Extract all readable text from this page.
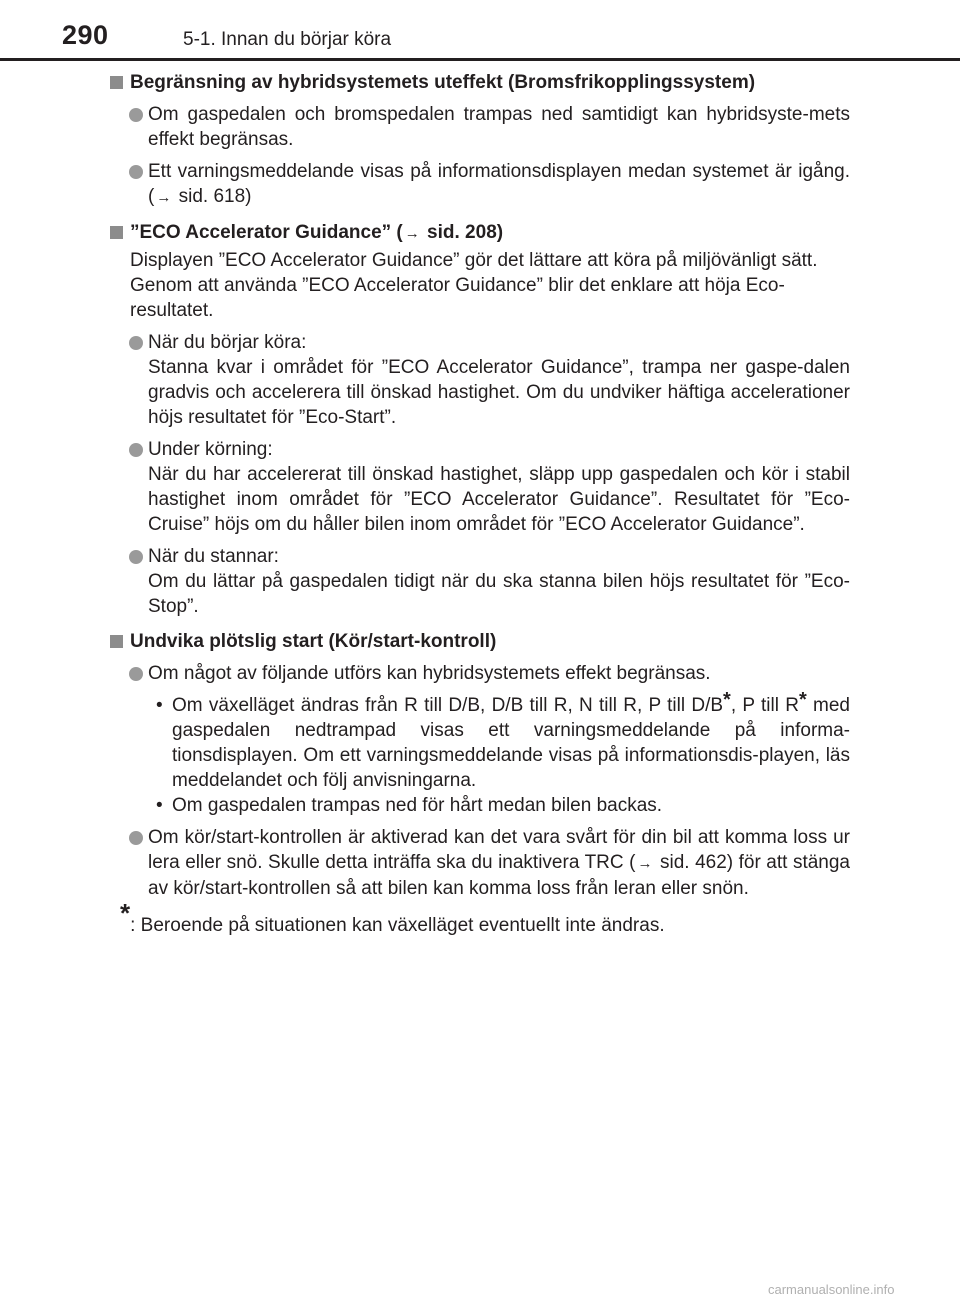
290	5-1. Innan du börjar köra
Begränsning av hybridsystemets uteffekt (Bromsfrikopplingssystem)
Om gaspedalen och bromspedalen trampas ned samtidigt kan hybridsyste-mets effekt begränsas.
Ett varningsmeddelande visas på informationsdisplayen medan systemet är igång. ( → sid. 618)
”ECO Accelerator Guidance” ( → sid. 208)
Displayen ”ECO Accelerator Guidance” gör det lättare att köra på miljövänligt sätt. Genom att använda ”ECO Accelerator Guidance” blir det enklare att höja Eco-resultatet.
När du börjar köra:
Stanna kvar i området för ”ECO Accelerator Guidance”, trampa ner gaspe-dalen gradvis och accelerera till önskad hastighet. Om du undviker häftiga accelerationer höjs resultatet för ”Eco-Start”.
Under körning:
När du har accelererat till önskad hastighet, släpp upp gaspedalen och kör i stabil hastighet inom området för ”ECO Accelerator Guidance”. Resultatet för ”Eco-Cruise” höjs om du håller bilen inom området för ”ECO Accelerator Guidance”.
När du stannar:
Om du lättar på gaspedalen tidigt när du ska stanna bilen höjs resultatet för ”Eco-Stop”.
Undvika plötslig start (Kör/start-kontroll)
Om något av följande utförs kan hybridsystemets effekt begränsas.
• Om växelläget ändras från R till D/B, D/B till R, N till R, P till D/B*, P till R* med gaspedalen nedtrampad visas ett varningsmeddelande på informa-tionsdisplayen. Om ett varningsmeddelande visas på informationsdis-playen, läs meddelandet och följ anvisningarna.
• Om gaspedalen trampas ned för hårt medan bilen backas.
Om kör/start-kontrollen är aktiverad kan det vara svårt för din bil att komma loss ur lera eller snö. Skulle detta inträffa ska du inaktivera TRC ( → sid. 462) för att stänga av kör/start-kontrollen så att bilen kan komma loss från leran eller snön.
* : Beroende på situationen kan växelläget eventuellt inte ändras.
carmanualsonline.info
